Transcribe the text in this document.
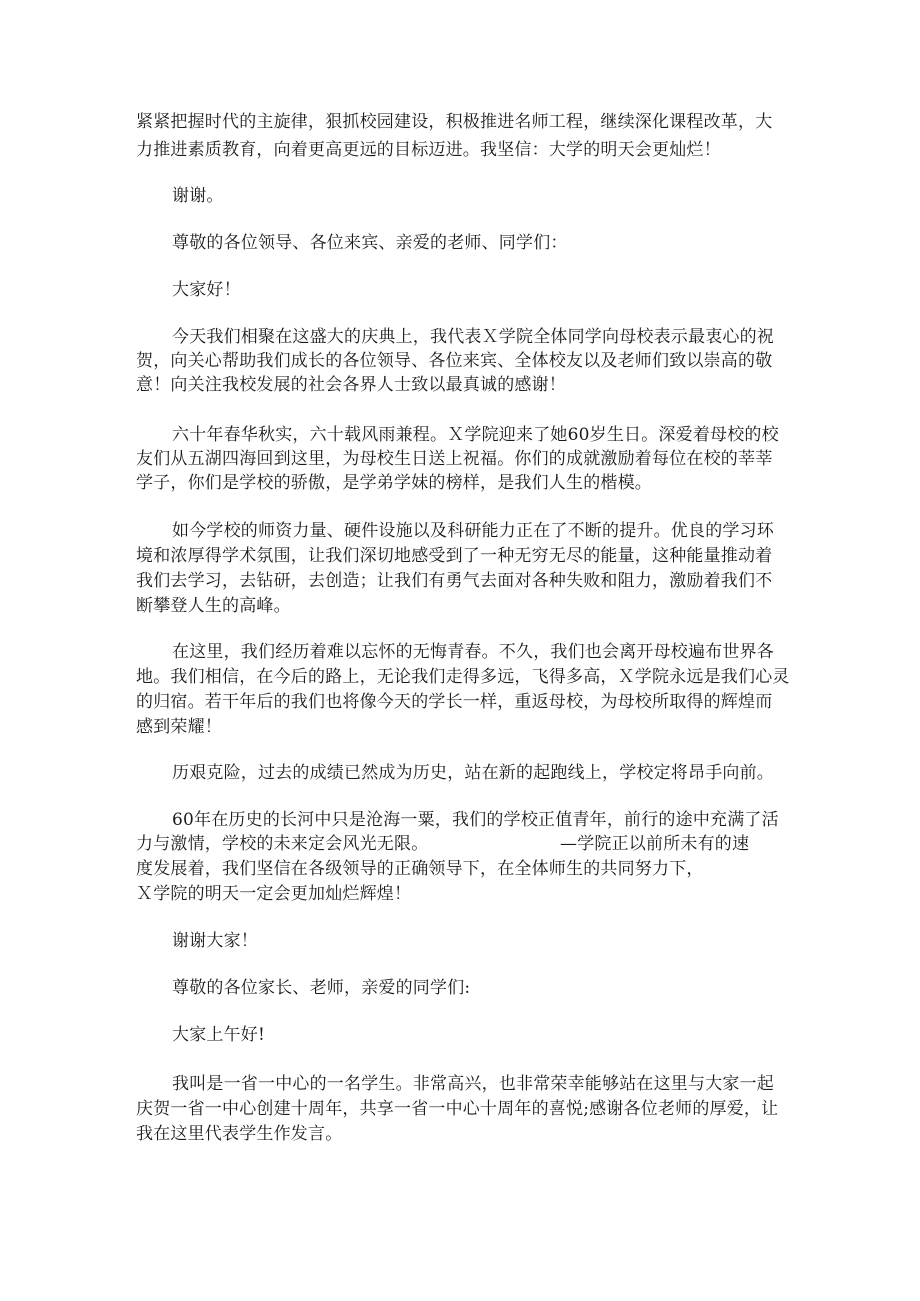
紧紧把握时代的主旋律，狠抓校园建设，积极推进名师工程，继续深化课程改革，大
力推进素质教育，向着更高更远的目标迈进。我坚信：大学的明天会更灿烂！
谢谢。
尊敬的各位领导、各位来宾、亲爱的老师、同学们：
大家好！
今天我们相聚在这盛大的庆典上，我代表Ｘ学院全体同学向母校表示最衷心的祝
贺，向关心帮助我们成长的各位领导、各位来宾、全体校友以及老师们致以崇高的敬
意！向关注我校发展的社会各界人士致以最真诚的感谢！
六十年春华秋实，六十载风雨兼程。Ｘ学院迎来了她60岁生日。深爱着母校的校
友们从五湖四海回到这里，为母校生日送上祝福。你们的成就激励着每位在校的莘莘
学子，你们是学校的骄傲，是学弟学妹的榜样，是我们人生的楷模。
如今学校的师资力量、硬件设施以及科研能力正在了不断的提升。优良的学习环
境和浓厚得学术氛围，让我们深切地感受到了一种无穷无尽的能量，这种能量推动着
我们去学习，去钻研，去创造；让我们有勇气去面对各种失败和阻力，激励着我们不
断攀登人生的高峰。
在这里，我们经历着难以忘怀的无悔青春。不久，我们也会离开母校遍布世界各
地。我们相信，在今后的路上，无论我们走得多远，飞得多高，Ｘ学院永远是我们心灵
的归宿。若干年后的我们也将像今天的学长一样，重返母校，为母校所取得的辉煌而
感到荣耀！
历艰克险，过去的成绩已然成为历史，站在新的起跑线上，学校定将昂手向前。
60年在历史的长河中只是沧海一粟，我们的学校正值青年，前行的途中充满了活
力与激情，学校的未来定会风光无限。	—学院正以前所未有的速
度发展着，我们坚信在各级领导的正确领导下，在全体师生的共同努力下，
Ｘ学院的明天一定会更加灿烂辉煌！
谢谢大家！
尊敬的各位家长、老师，亲爱的同学们:
大家上午好!
我叫是一省一中心的一名学生。非常高兴，也非常荣幸能够站在这里与大家一起
庆贺一省一中心创建十周年，共享一省一中心十周年的喜悦;感谢各位老师的厚爱，让
我在这里代表学生作发言。
